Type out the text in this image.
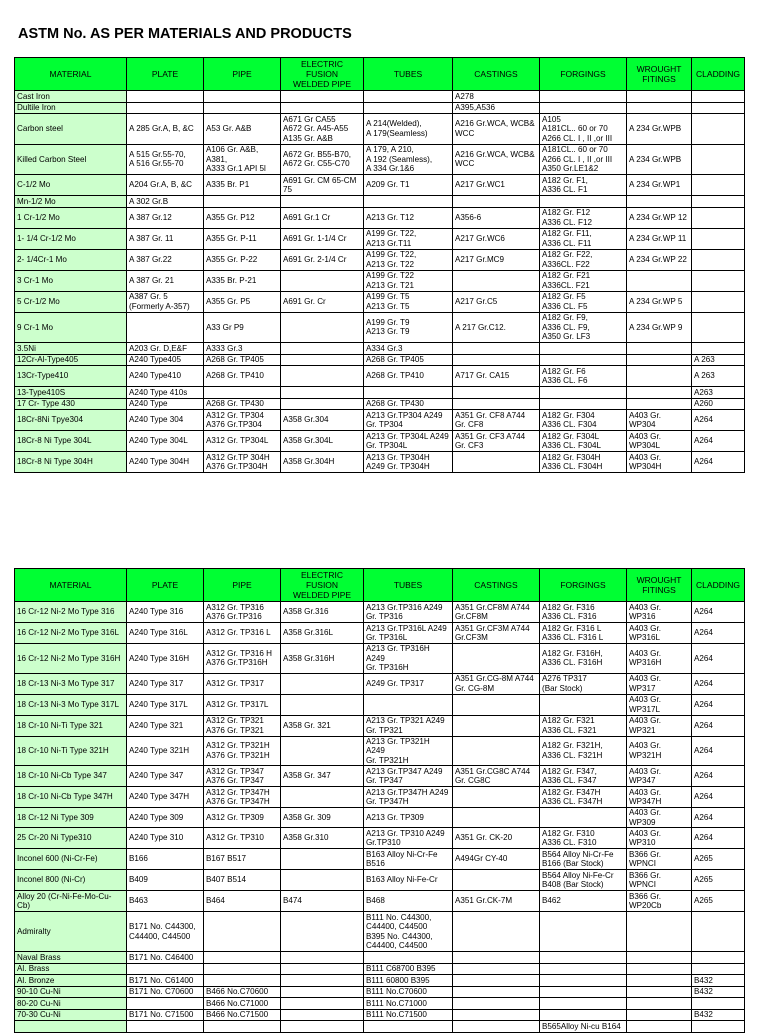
ASTM No. AS PER MATERIALS AND PRODUCTS
MATERIAL	PLATE	PIPE	ELECTRIC
FUSION
WELDED PIPE	TUBES	CASTINGS	FORGINGS	WROUGHT
FITINGS	CLADDING
Cast Iron					A278			
Dultile Iron					A395,A536			
Carbon steel	A 285 Gr.A, B, &C	A53 Gr. A&B	A671 Gr CA55
A672 Gr. A45-A55
A135 Gr. A&B	A 214(Welded),
A 179(Seamless)	A216 Gr.WCA, WCB&
WCC	A105
A181CL.. 60 or 70
A266 CL. I , II ,or III	A 234 Gr.WPB	
Killed Carbon Steel	A 515 Gr.55-70,
A 516 Gr.55-70	A106 Gr. A&B,
A381,
A333 Gr.1 API 5l	A672 Gr. B55-B70,
A672 Gr. C55-C70	A 179, A 210,
A 192 (Seamless),
A 334 Gr.1&6	A216 Gr.WCA, WCB&
WCC	A181CL.. 60 or 70
A266 CL. I , II ,or III
A350 Gr.LE1&2	A 234 Gr.WPB	
C-1/2 Mo	A204 Gr.A, B, &C	A335 Br. P1	A691 Gr. CM 65-CM
75	A209 Gr. T1	A217 Gr.WC1	A182 Gr. F1,
A336 CL. F1	A 234 Gr.WP1	
Mn-1/2 Mo	A 302 Gr.B							
1 Cr-1/2 Mo	A 387 Gr.12	A355 Gr. P12	A691 Gr.1 Cr	A213 Gr. T12	A356-6	A182 Gr. F12
A336 CL. F12	A 234 Gr.WP 12	
1- 1/4 Cr-1/2 Mo	A 387 Gr. 11	A355 Gr. P-11	A691 Gr. 1-1/4 Cr	A199 Gr. T22,
A213 Gr.T11	A217 Gr.WC6	A182 Gr. F11,
A336 CL. F11	A 234 Gr.WP 11	
2- 1/4Cr-1 Mo	A 387 Gr.22	A355 Gr. P-22	A691 Gr. 2-1/4 Cr	A199 Gr. T22,
A213 Gr. T22	A217 Gr.MC9	A182 Gr. F22,
A336CL. F22	A 234 Gr.WP 22	
3 Cr-1 Mo	A 387 Gr. 21	A335 Br. P-21		A199 Gr. T22
A213 Gr. T21		A182 Gr. F21
A336CL. F21		
5 Cr-1/2 Mo	A387 Gr. 5
(Formerly A-357)	A355 Gr. P5	A691 Gr. Cr	A199 Gr. T5
A213 Gr. T5	A217 Gr.C5	A182 Gr. F5
A336 CL. F5	A 234 Gr.WP 5	
9 Cr-1 Mo		A33 Gr P9		A199 Gr. T9
A213 Gr. T9	A 217 Gr.C12.	A182 Gr. F9,
A336 CL. F9,
A350 Gr. LF3	A 234 Gr.WP 9	
3.5Ni	A203 Gr. D,E&F	A333 Gr.3		A334 Gr.3				
12Cr-Al-Type405	A240 Type405	A268 Gr. TP405		A268 Gr. TP405				A 263
13Cr-Type410	A240 Type410	A268 Gr. TP410		A268 Gr. TP410	A717 Gr. CA15	A182 Gr. F6
A336 CL. F6		A 263
13-Type410S	A240 Type 410s							A263
17 Cr- Type 430	A240 Type	A268 Gr. TP430		A268 Gr. TP430				A260
18Cr-8Ni Tpye304	A240 Type 304	A312 Gr. TP304
A376 Gr.TP304	A358 Gr.304	A213 Gr.TP304 A249
Gr. TP304	A351 Gr. CF8 A744
Gr. CF8	A182 Gr. F304
A336 CL. F304	A403 Gr. WP304	A264
18Cr-8 Ni Type 304L	A240 Type 304L	A312 Gr. TP304L	A358 Gr.304L	A213 Gr. TP304L A249
Gr. TP304L	A351 Gr. CF3 A744
Gr. CF3	A182 Gr. F304L
A336 CL. F304L	A403 Gr.
WP304L	A264
18Cr-8 Ni Type 304H	A240 Type 304H	A312 Gr.TP 304H
A376 Gr.TP304H	A358 Gr.304H	A213 Gr. TP304H
A249 Gr. TP304H		A182 Gr. F304H
A336 CL. F304H	A403 Gr.
WP304H	A264
MATERIAL	PLATE	PIPE	ELECTRIC
FUSION
WELDED PIPE	TUBES	CASTINGS	FORGINGS	WROUGHT
FITINGS	CLADDING
16 Cr-12 Ni-2 Mo Type 316	A240 Type 316	A312 Gr. TP316
A376 Gr.TP316	A358 Gr.316	A213 Gr.TP316 A249
Gr. TP316	A351 Gr.CF8M A744
Gr.CF8M	A182 Gr. F316
A336 CL. F316	A403 Gr. WP316	A264
16 Cr-12 Ni-2 Mo Type 316L	A240 Type 316L	A312 Gr. TP316 L	A358 Gr.316L	A213 Gr.TP316L A249
Gr. TP316L	A351 Gr.CF3M A744
Gr.CF3M	A182 Gr. F316 L
A336 CL. F316 L	A403 Gr.
WP316L	A264
16 Cr-12 Ni-2 Mo Type 316H	A240 Type 316H	A312 Gr. TP316 H
A376 Gr.TP316H	A358 Gr.316H	A213 Gr. TP316H A249
Gr. TP316H		A182 Gr. F316H,
A336 CL. F316H	A403 Gr.
WP316H	A264
18 Cr-13 Ni-3 Mo Type 317	A240 Type 317	A312 Gr. TP317		A249 Gr. TP317	A351 Gr.CG-8M A744
Gr. CG-8M	A276 TP317
(Bar Stock)	A403 Gr.
WP317	A264
18 Cr-13 Ni-3 Mo Type 317L	A240 Type 317L	A312 Gr. TP317L					A403 Gr.
WP317L	A264
18 Cr-10 Ni-Ti Type 321	A240 Type 321	A312 Gr. TP321
A376 Gr. TP321	A358 Gr. 321	A213 Gr. TP321 A249
Gr. TP321		A182 Gr. F321
A336 CL. F321	A403 Gr. WP321	A264
18 Cr-10 Ni-Ti Type 321H	A240 Type 321H	A312 Gr. TP321H
A376 Gr. TP321H		A213 Gr. TP321H A249
Gr. TP321H		A182 Gr. F321H,
A336 CL. F321H	A403 Gr.
WP321H	A264
18 Cr-10 Ni-Cb Type 347	A240 Type 347	A312 Gr. TP347
A376 Gr. TP347	A358 Gr. 347	A213 Gr.TP347 A249
Gr. TP347	A351 Gr.CG8C A744
Gr. CG8C	A182 Gr. F347,
A336 CL. F347	A403 Gr. WP347	A264
18 Cr-10 Ni-Cb Type 347H	A240 Type 347H	A312 Gr. TP347H
A376 Gr. TP347H		A213 Gr.TP347H A249
Gr. TP347H		A182 Gr. F347H
A336 CL. F347H	A403 Gr.
WP347H	A264
18 Cr-12 Ni Type 309	A240 Type 309	A312 Gr. TP309	A358 Gr. 309	A213 Gr. TP309			A403 Gr. WP309	A264
25 Cr-20 Ni Type310	A240 Type 310	A312 Gr. TP310	A358 Gr.310	A213 Gr. TP310 A249
Gr.TP310	A351 Gr. CK-20	A182 Gr. F310
A336 CL. F310	A403 Gr. WP310	A264
Inconel 600 (Ni-Cr-Fe)	B166	B167 B517		B163 Alloy Ni-Cr-Fe
B516	A494Gr CY-40	B564 Alloy Ni-Cr-Fe
B166 (Bar Stock)	B366 Gr. WPNCI	A265
Inconel 800 (Ni-Cr)	B409	B407 B514		B163 Alloy Ni-Fe-Cr		B564 Alloy Ni-Fe-Cr
B408 (Bar Stock)	B366 Gr. WPNCI	A265
Alloy 20 (Cr-Ni-Fe-Mo-Cu-
Cb)	B463	B464	B474	B468	A351 Gr.CK-7M	B462	B366 Gr.
WP20Cb	A265
Admiralty	B171 No. C44300,
C44400, C44500			B111 No. C44300,
C44400, C44500
B395 No. C44300,
C44400, C44500				
Naval Brass	B171 No. C46400							
Al. Brass				B111 C68700 B395				
Al. Bronze	B171 No. C61400			B111 60800 B395				B432
90-10 Cu-Ni	B171 No. C70600	B466 No.C70600		B111 No.C70600				B432
80-20 Cu-Ni		B466 No.C71000		B111 No.C71000				
70-30 Cu-Ni	B171 No. C71500	B466 No.C71500		B111 No.C71500				B432
						B565Alloy Ni-cu B164		
